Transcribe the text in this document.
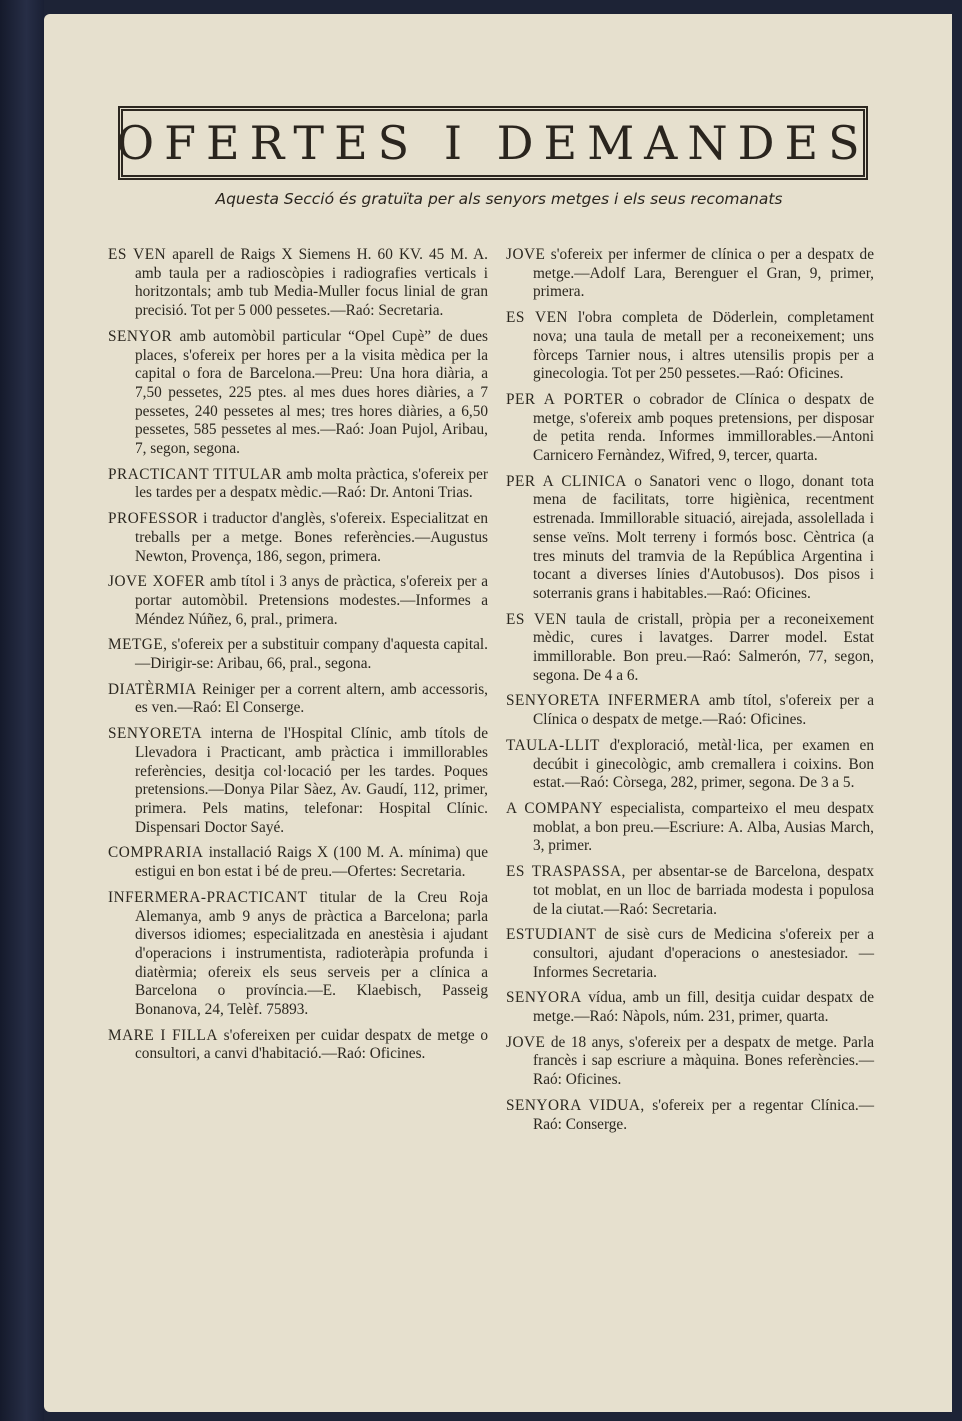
OFERTES I DEMANDES
Aquesta Secció és gratuïta per als senyors metges i els seus recomanats

ES VEN aparell de Raigs X Siemens H. 60 KV. 45 M. A. amb taula per a radioscòpies i radiografies verticals i horitzontals; amb tub Media-Muller focus linial de gran precisió. Tot per 5 000 pessetes.—Raó: Secretaria.

SENYOR amb automòbil particular “Opel Cupè” de dues places, s'ofereix per hores per a la visita mèdica per la capital o fora de Barcelona.—Preu: Una hora diària, a 7,50 pessetes, 225 ptes. al mes dues hores diàries, a 7 pessetes, 240 pessetes al mes; tres hores diàries, a 6,50 pessetes, 585 pessetes al mes.—Raó: Joan Pujol, Aribau, 7, segon, segona.

PRACTICANT TITULAR amb molta pràctica, s'ofereix per les tardes per a despatx mèdic.—Raó: Dr. Antoni Trias.

PROFESSOR i traductor d'anglès, s'ofereix. Especialitzat en treballs per a metge. Bones referències.—Augustus Newton, Provença, 186, segon, primera.

JOVE XOFER amb títol i 3 anys de pràctica, s'ofereix per a portar automòbil. Pretensions modestes.—Informes a Méndez Núñez, 6, pral., primera.

METGE, s'ofereix per a substituir company d'aquesta capital.—Dirigir-se: Aribau, 66, pral., segona.

DIATÈRMIA Reiniger per a corrent altern, amb accessoris, es ven.—Raó: El Conserge.

SENYORETA interna de l'Hospital Clínic, amb títols de Llevadora i Practicant, amb pràctica i immillorables referències, desitja col·locació per les tardes. Poques pretensions.—Donya Pilar Sàez, Av. Gaudí, 112, primer, primera. Pels matins, telefonar: Hospital Clínic. Dispensari Doctor Sayé.

COMPRARIA installació Raigs X (100 M. A. mínima) que estigui en bon estat i bé de preu.—Ofertes: Secretaria.

INFERMERA-PRACTICANT titular de la Creu Roja Alemanya, amb 9 anys de pràctica a Barcelona; parla diversos idiomes; especialitzada en anestèsia i ajudant d'operacions i instrumentista, radioteràpia profunda i diatèrmia; ofereix els seus serveis per a clínica a Barcelona o província.—E. Klaebisch, Passeig Bonanova, 24, Telèf. 75893.

MARE I FILLA s'ofereixen per cuidar despatx de metge o consultori, a canvi d'habitació.—Raó: Oficines.

JOVE s'ofereix per infermer de clínica o per a despatx de metge.—Adolf Lara, Berenguer el Gran, 9, primer, primera.

ES VEN l'obra completa de Döderlein, completament nova; una taula de metall per a reconeixement; uns fòrceps Tarnier nous, i altres utensilis propis per a ginecologia. Tot per 250 pessetes.—Raó: Oficines.

PER A PORTER o cobrador de Clínica o despatx de metge, s'ofereix amb poques pretensions, per disposar de petita renda. Informes immillorables.—Antoni Carnicero Fernàndez, Wifred, 9, tercer, quarta.

PER A CLINICA o Sanatori venc o llogo, donant tota mena de facilitats, torre higiènica, recentment estrenada. Immillorable situació, airejada, assolellada i sense veïns. Molt terreny i formós bosc. Cèntrica (a tres minuts del tramvia de la República Argentina i tocant a diverses línies d'Autobusos). Dos pisos i soterranis grans i habitables.—Raó: Oficines.

ES VEN taula de cristall, pròpia per a reconeixement mèdic, cures i lavatges. Darrer model. Estat immillorable. Bon preu.—Raó: Salmerón, 77, segon, segona. De 4 a 6.

SENYORETA INFERMERA amb títol, s'ofereix per a Clínica o despatx de metge.—Raó: Oficines.

TAULA-LLIT d'exploració, metàl·lica, per examen en decúbit i ginecològic, amb cremallera i coixins. Bon estat.—Raó: Còrsega, 282, primer, segona. De 3 a 5.

A COMPANY especialista, comparteixo el meu despatx moblat, a bon preu.—Escriure: A. Alba, Ausias March, 3, primer.

ES TRASPASSA, per absentar-se de Barcelona, despatx tot moblat, en un lloc de barriada modesta i populosa de la ciutat.—Raó: Secretaria.

ESTUDIANT de sisè curs de Medicina s'ofereix per a consultori, ajudant d'operacions o anestesiador. — Informes Secretaria.

SENYORA vídua, amb un fill, desitja cuidar despatx de metge.—Raó: Nàpols, núm. 231, primer, quarta.

JOVE de 18 anys, s'ofereix per a despatx de metge. Parla francès i sap escriure a màquina. Bones referències.—Raó: Oficines.

SENYORA VIDUA, s'ofereix per a regentar Clínica.—Raó: Conserge.
